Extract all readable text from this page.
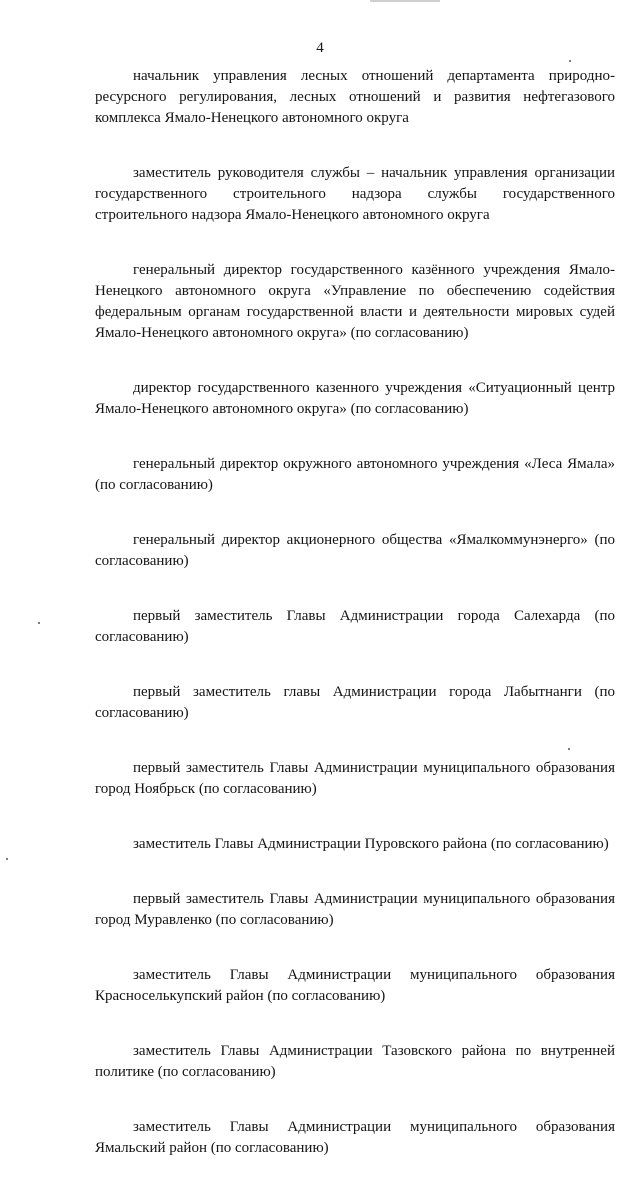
4

начальник управления лесных отношений департамента природно-ресурсного регулирования, лесных отношений и развития нефтегазового комплекса Ямало-Ненецкого автономного округа

заместитель руководителя службы – начальник управления организации государственного строительного надзора службы государственного строительного надзора Ямало-Ненецкого автономного округа

генеральный директор государственного казённого учреждения Ямало-Ненецкого автономного округа «Управление по обеспечению содействия федеральным органам государственной власти и деятельности мировых судей Ямало-Ненецкого автономного округа» (по согласованию)

директор государственного казенного учреждения «Ситуационный центр Ямало-Ненецкого автономного округа» (по согласованию)

генеральный директор окружного автономного учреждения «Леса Ямала» (по согласованию)

генеральный директор акционерного общества «Ямалкоммунэнерго» (по согласованию)

первый заместитель Главы Администрации города Салехарда (по согласованию)

первый заместитель главы Администрации города Лабытнанги (по согласованию)

первый заместитель Главы Администрации муниципального образования город Ноябрьск (по согласованию)

заместитель Главы Администрации Пуровского района (по согласованию)

первый заместитель Главы Администрации муниципального образования город Муравленко (по согласованию)

заместитель Главы Администрации муниципального образования Красноселькупский район (по согласованию)

заместитель Главы Администрации Тазовского района по внутренней политике (по согласованию)

заместитель Главы Администрации муниципального образования Ямальский район (по согласованию)
